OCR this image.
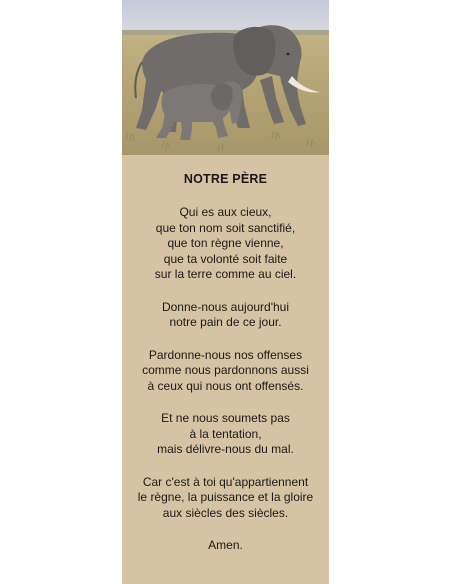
NOTRE PÈRE
Qui es aux cieux,
que ton nom soit sanctifié,
que ton règne vienne,
que ta volonté soit faite
sur la terre comme au ciel.
Donne-nous aujourd'hui
notre pain de ce jour.
Pardonne-nous nos offenses
comme nous pardonnons aussi
à ceux qui nous ont offensés.
Et ne nous soumets pas
à la tentation,
mais délivre-nous du mal.
Car c'est à toi qu'appartiennent
le règne, la puissance et la gloire
aux siècles des siècles.
Amen.
